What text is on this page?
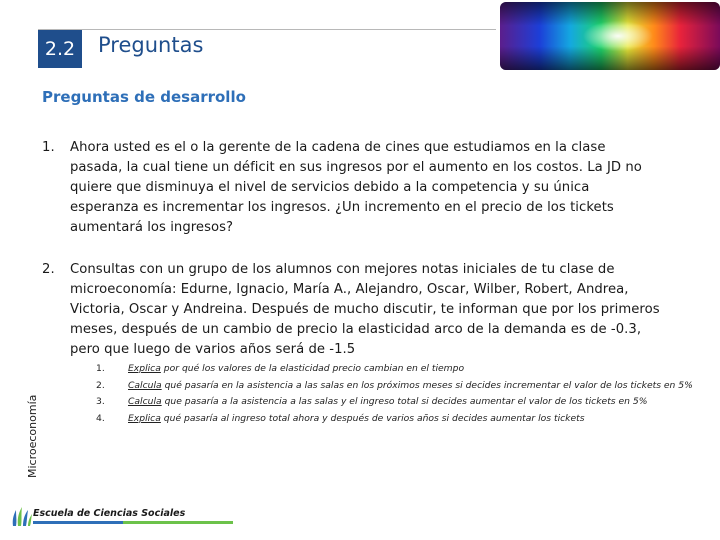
2.2	Preguntas
Preguntas de desarrollo
1. Ahora usted es el o la gerente de la cadena de cines que estudiamos en la clase pasada, la cual tiene un déficit en sus ingresos por el aumento en los costos. La JD no quiere que disminuya el nivel de servicios debido a la competencia y su única esperanza es incrementar los ingresos. ¿Un incremento en el precio de los tickets aumentará los ingresos?
2. Consultas con un grupo de los alumnos con mejores notas iniciales de tu clase de microeconomía: Edurne, Ignacio, María A., Alejandro, Oscar, Wilber, Robert, Andrea, Victoria, Oscar y Andreina. Después de mucho discutir, te informan que por los primeros meses, después de un cambio de precio la elasticidad arco de la demanda es de -0.3, pero que luego de varios años será de -1.5
1.	Explica por qué los valores de la elasticidad precio cambian en el tiempo
2.	Calcula qué pasaría en la asistencia a las salas en los próximos meses si decides incrementar el valor de los tickets en 5%
3.	Calcula que pasaría a la asistencia a las salas y el ingreso total si decides aumentar el valor de los tickets en 5%
4.	Explica qué pasaría al ingreso total ahora y después de varios años si decides aumentar los tickets
Microeconomía
Escuela de Ciencias Sociales
